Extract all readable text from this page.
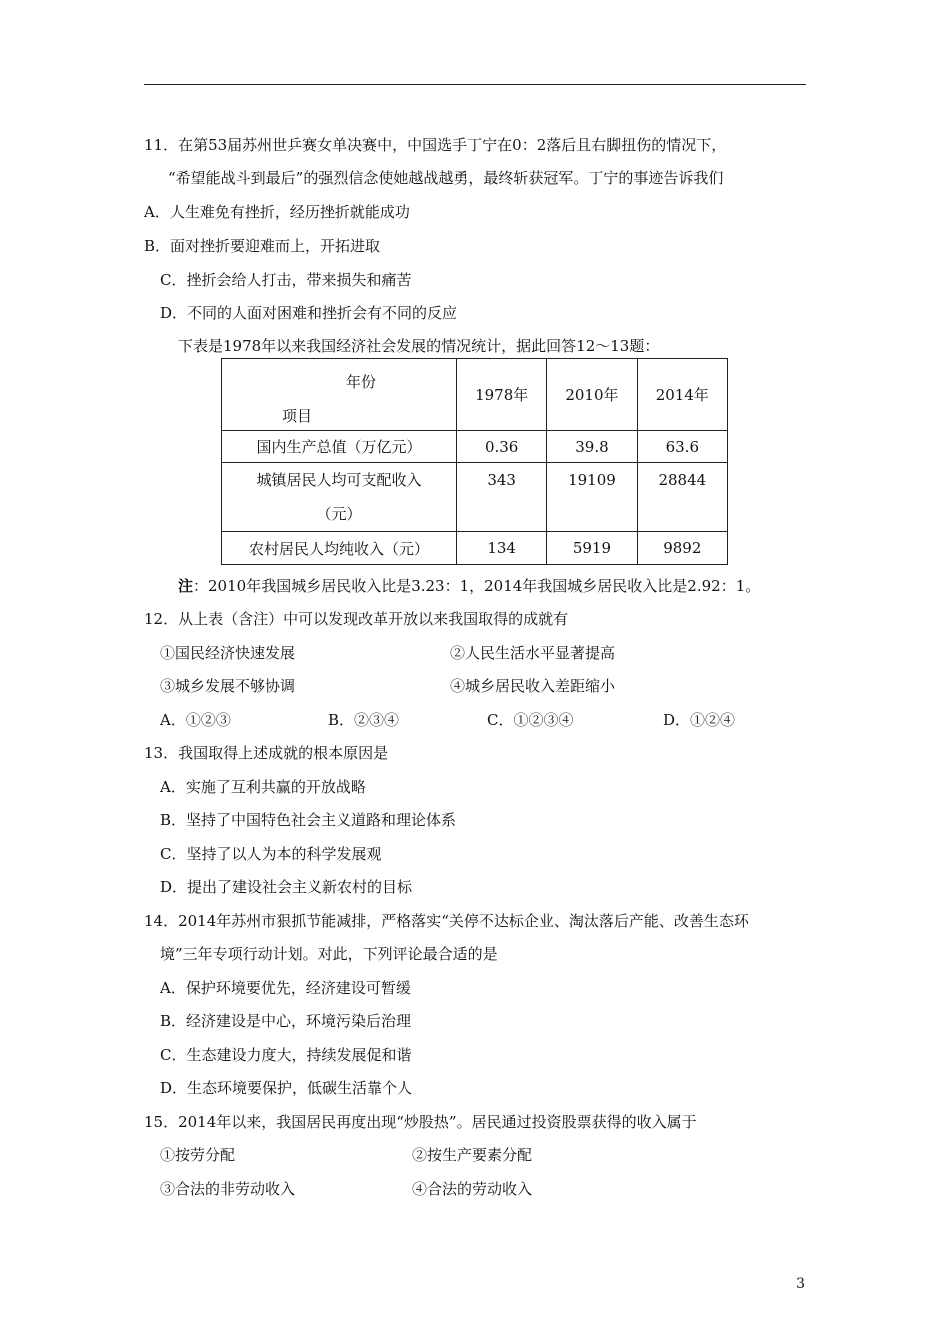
11．在第53届苏州世乒赛女单决赛中，中国选手丁宁在0：2落后且右脚扭伤的情况下，
“希望能战斗到最后”的强烈信念使她越战越勇，最终斩获冠军。丁宁的事迹告诉我们
A．人生难免有挫折，经历挫折就能成功
B．面对挫折要迎难而上，开拓进取
C．挫折会给人打击，带来损失和痛苦
D．不同的人面对困难和挫折会有不同的反应
下表是1978年以来我国经济社会发展的情况统计，据此回答12～13题：
年份
项目	1978年	2010年	2014年
国内生产总值（万亿元）	0.36	39.8	63.6

城镇居民人均可支配收入
（元）	343	19109	28844
农村居民人均纯收入（元）	134	5919	9892
注：2010年我国城乡居民收入比是3.23：1，2014年我国城乡居民收入比是2.92：1。
12．从上表（含注）中可以发现改革开放以来我国取得的成就有
①国民经济快速发展	②人民生活水平显著提高
③城乡发展不够协调	④城乡居民收入差距缩小
A．①②③	B．②③④	C．①②③④	D．①②④
13．我国取得上述成就的根本原因是
A．实施了互利共赢的开放战略
B．坚持了中国特色社会主义道路和理论体系
C．坚持了以人为本的科学发展观
D．提出了建设社会主义新农村的目标
14．2014年苏州市狠抓节能减排，严格落实“关停不达标企业、淘汰落后产能、改善生态环
境”三年专项行动计划。对此，下列评论最合适的是
A．保护环境要优先，经济建设可暂缓
B．经济建设是中心，环境污染后治理
C．生态建设力度大，持续发展促和谐
D．生态环境要保护，低碳生活靠个人
15．2014年以来，我国居民再度出现“炒股热”。居民通过投资股票获得的收入属于
①按劳分配	②按生产要素分配
③合法的非劳动收入	④合法的劳动收入
3
